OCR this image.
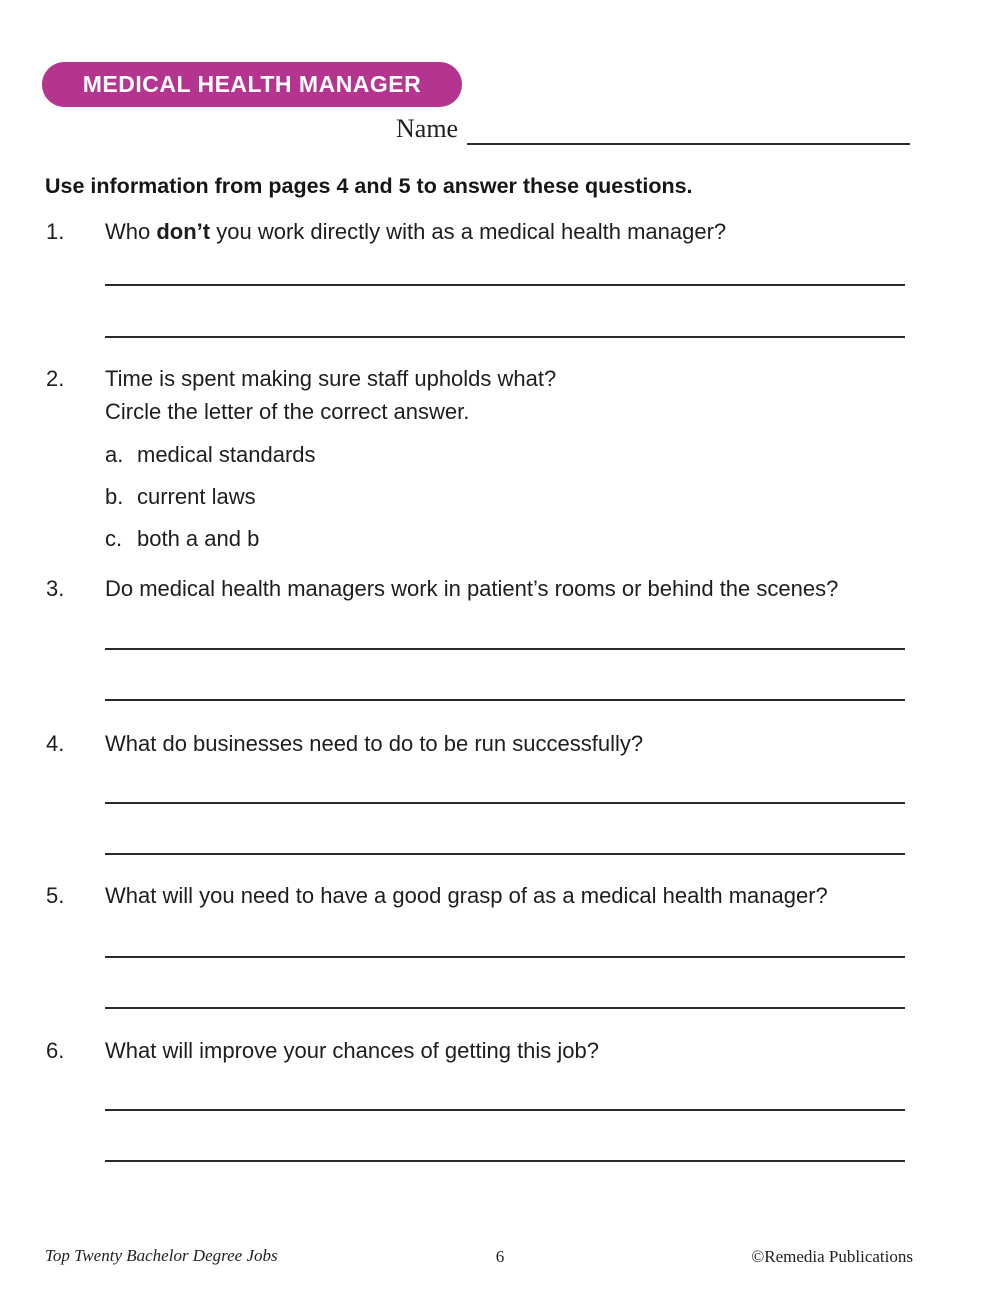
MEDICAL HEALTH MANAGER
Name
Use information from pages 4 and 5 to answer these questions.
1. Who don’t you work directly with as a medical health manager?
2. Time is spent making sure staff upholds what?
Circle the letter of the correct answer.
a. medical standards
b. current laws
c. both a and b
3. Do medical health managers work in patient’s rooms or behind the scenes?
4. What do businesses need to do to be run successfully?
5. What will you need to have a good grasp of as a medical health manager?
6. What will improve your chances of getting this job?
Top Twenty Bachelor Degree Jobs	6	©Remedia Publications
